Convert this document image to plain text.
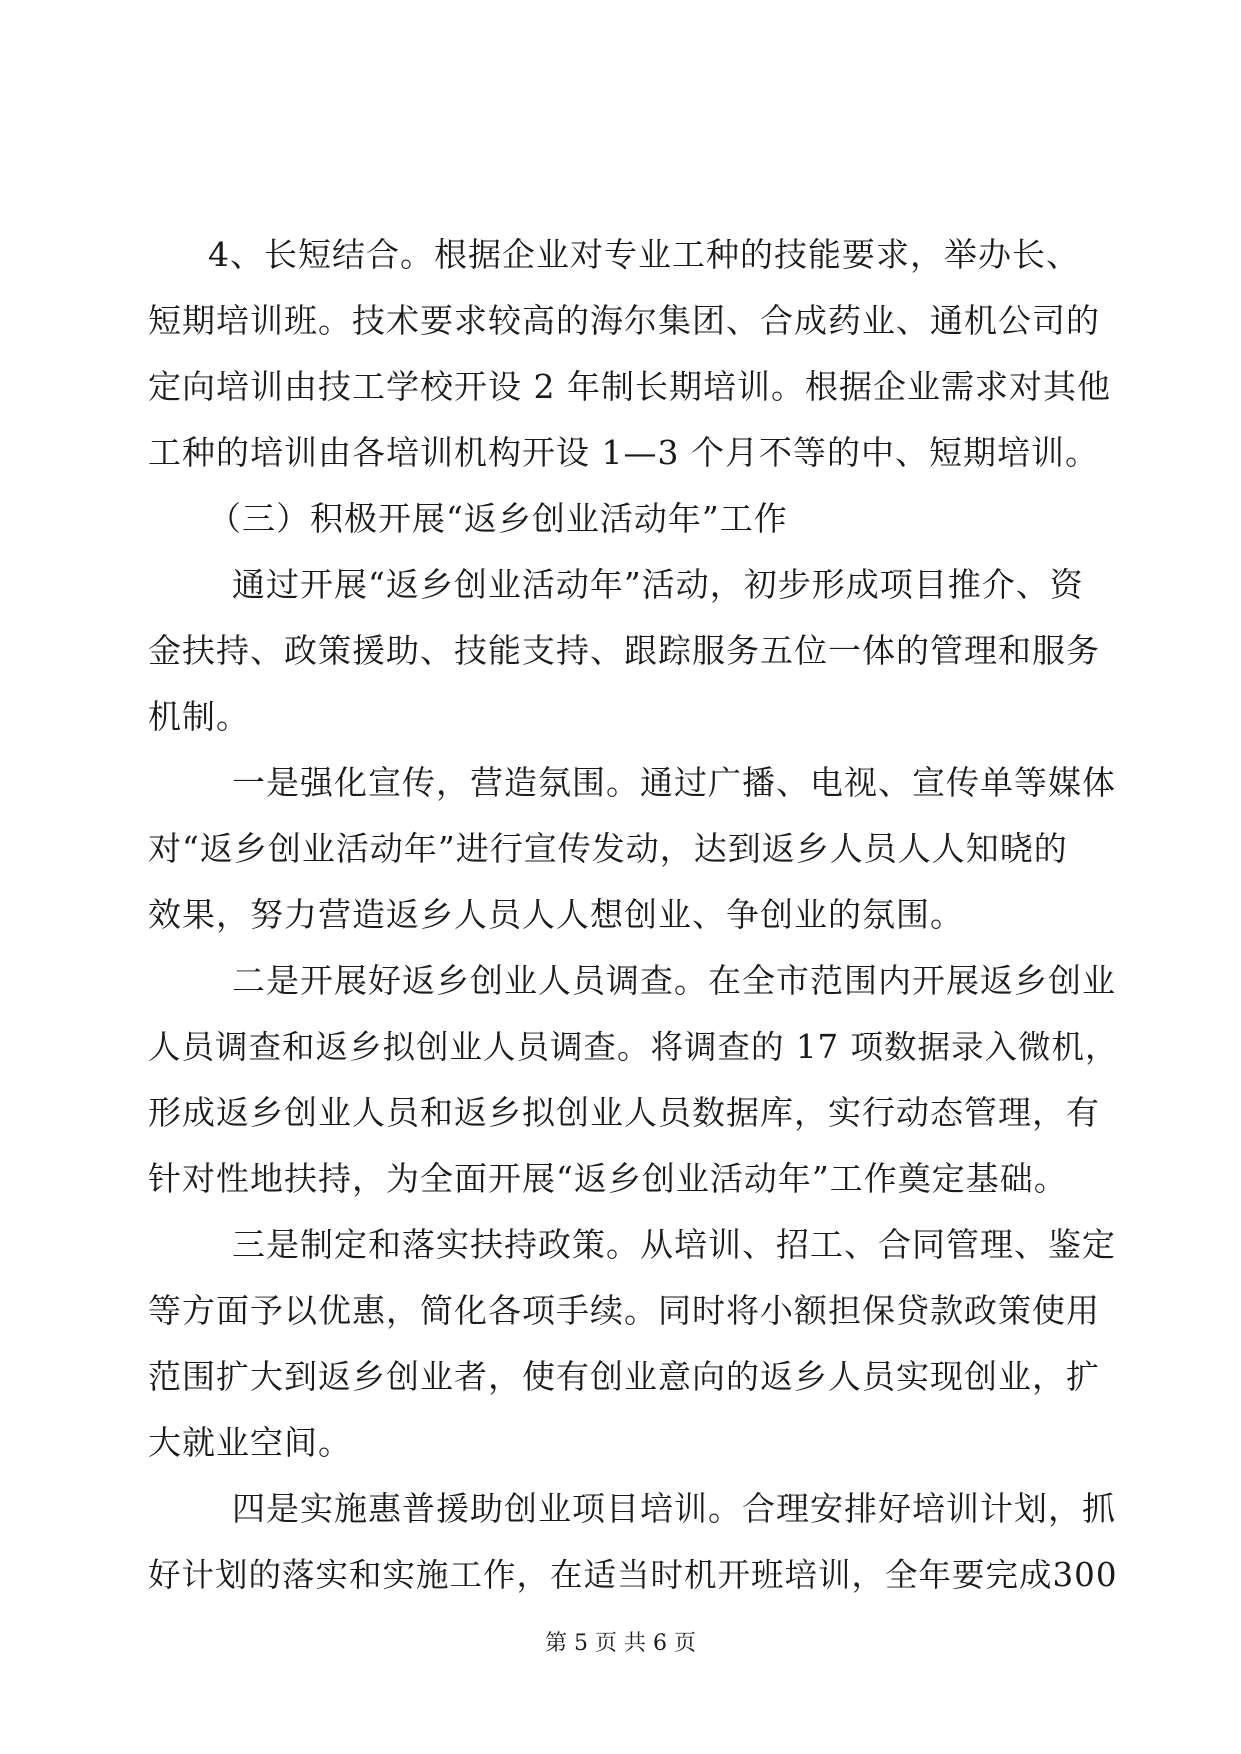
4、长短结合。根据企业对专业工种的技能要求，举办长、
短期培训班。技术要求较高的海尔集团、合成药业、通机公司的
定向培训由技工学校开设 2 年制长期培训。根据企业需求对其他
工种的培训由各培训机构开设 1—3 个月不等的中、短期培训。
（三）积极开展“返乡创业活动年”工作
通过开展“返乡创业活动年”活动，初步形成项目推介、资
金扶持、政策援助、技能支持、跟踪服务五位一体的管理和服务
机制。
一是强化宣传，营造氛围。通过广播、电视、宣传单等媒体
对“返乡创业活动年”进行宣传发动，达到返乡人员人人知晓的
效果，努力营造返乡人员人人想创业、争创业的氛围。
二是开展好返乡创业人员调查。在全市范围内开展返乡创业
人员调查和返乡拟创业人员调查。将调查的 17 项数据录入微机，
形成返乡创业人员和返乡拟创业人员数据库，实行动态管理，有
针对性地扶持，为全面开展“返乡创业活动年”工作奠定基础。
三是制定和落实扶持政策。从培训、招工、合同管理、鉴定
等方面予以优惠，简化各项手续。同时将小额担保贷款政策使用
范围扩大到返乡创业者，使有创业意向的返乡人员实现创业，扩
大就业空间。
四是实施惠普援助创业项目培训。合理安排好培训计划，抓
好计划的落实和实施工作，在适当时机开班培训，全年要完成300
第 5 页 共 6 页
